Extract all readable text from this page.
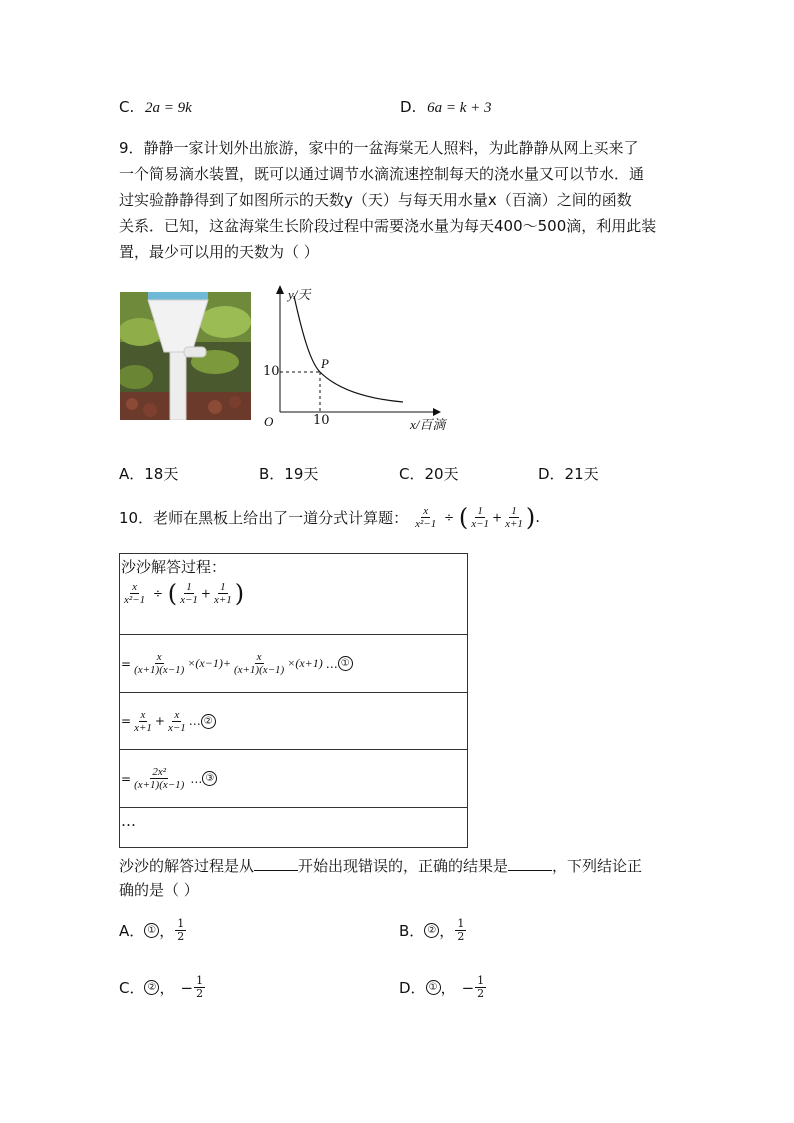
C. 2a = 9k	D. 6a = k + 3
9．静静一家计划外出旅游，家中的一盆海棠无人照料，为此静静从网上买来了
一个简易滴水装置，既可以通过调节水滴流速控制每天的浇水量又可以节水．通
过实验静静得到了如图所示的天数y（天）与每天用水量x（百滴）之间的函数
关系．已知，这盆海棠生长阶段过程中需要浇水量为每天400～500滴，利用此装
置，最少可以用的天数为（ ）
y/天
x/百滴
O
P
10
10
A．18天	B．19天	C．20天	D．21天
10．老师在黑板上给出了一道分式计算题： $\frac{x}{\text{x²−1}}$ ÷ ( $\frac{1}{x-1} + \frac{1}{x+1}$ ) .
沙沙解答过程：
$\frac{x}{\text{x²−1}}$ ÷ ( $\frac{1}{x-1} + \frac{1}{x+1}$ )
= $\frac{x}{(x+1)(x-1)} \times(x-1)+ \frac{x}{(x+1)(x-1)} \times(x+1)$ … ①
= $\frac{x}{x+1} + \frac{x}{x-1}$ … ②
= $\frac{\text{2x²}}{(x+1)(x-1)}$ … ③
…
沙沙的解答过程是从	开始出现错误的，正确的结果是	，下列结论正
确的是（ ）
A． ① ， $\frac{1}{2}$	B． ② ， $\frac{1}{2}$
C． ② ， − $\frac{1}{2}$	D． ① ， − $\frac{1}{2}$
